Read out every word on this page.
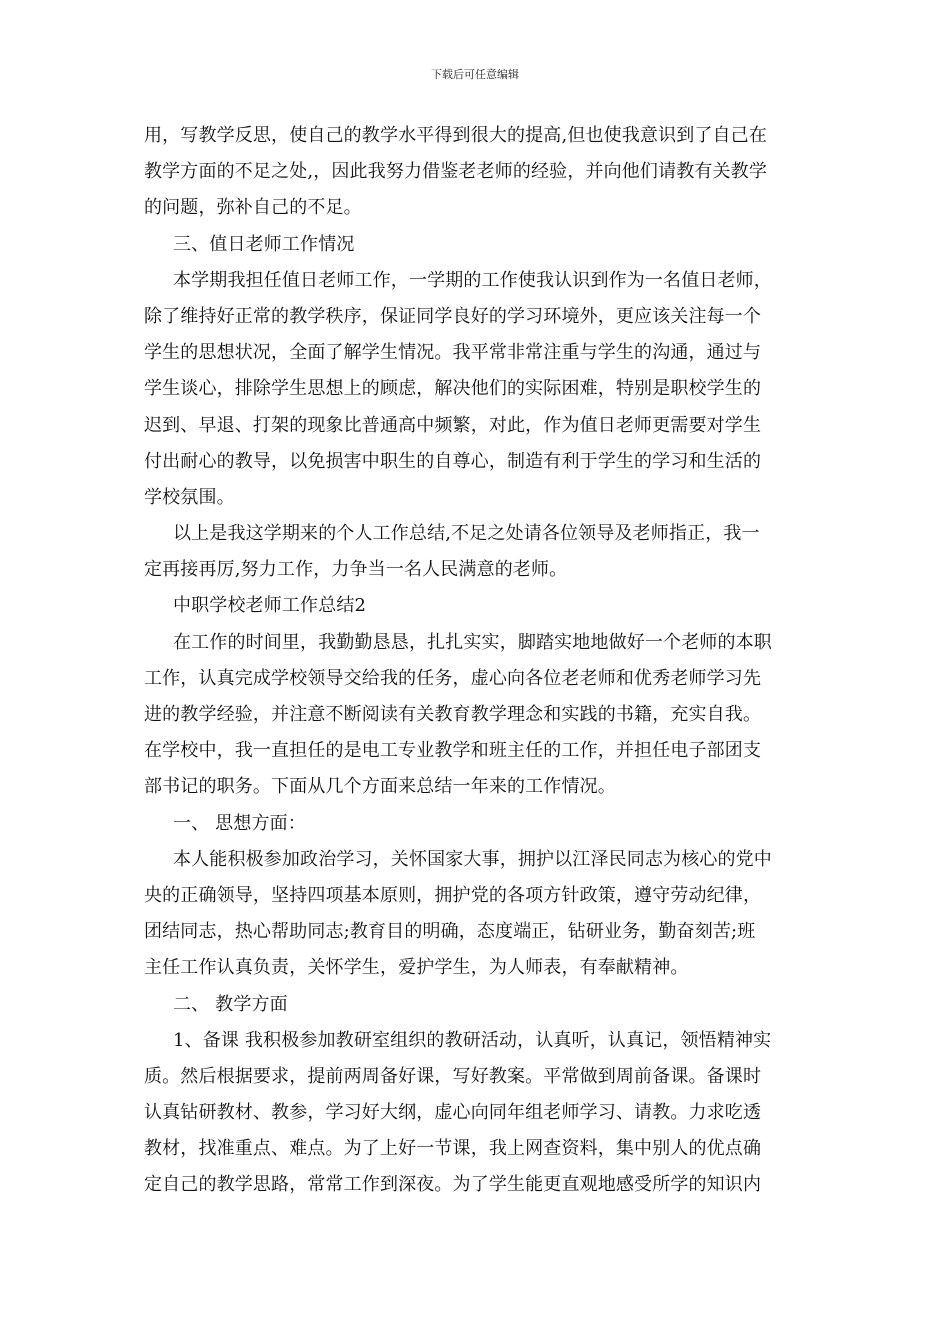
下载后可任意编辑
用，写教学反思，使自己的教学水平得到很大的提高,但也使我意识到了自己在
教学方面的不足之处,，因此我努力借鉴老老师的经验，并向他们请教有关教学
的问题，弥补自己的不足。
三、值日老师工作情况
本学期我担任值日老师工作，一学期的工作使我认识到作为一名值日老师，
除了维持好正常的教学秩序，保证同学良好的学习环境外，更应该关注每一个
学生的思想状况，全面了解学生情况。我平常非常注重与学生的沟通，通过与
学生谈心，排除学生思想上的顾虑，解决他们的实际困难，特别是职校学生的
迟到、早退、打架的现象比普通高中频繁，对此，作为值日老师更需要对学生
付出耐心的教导，以免损害中职生的自尊心，制造有利于学生的学习和生活的
学校氛围。
以上是我这学期来的个人工作总结,不足之处请各位领导及老师指正，我一
定再接再厉,努力工作，力争当一名人民满意的老师。
中职学校老师工作总结2
在工作的时间里，我勤勤恳恳，扎扎实实，脚踏实地地做好一个老师的本职
工作，认真完成学校领导交给我的任务，虚心向各位老老师和优秀老师学习先
进的教学经验，并注意不断阅读有关教育教学理念和实践的书籍，充实自我。
在学校中，我一直担任的是电工专业教学和班主任的工作，并担任电子部团支
部书记的职务。下面从几个方面来总结一年来的工作情况。
一、 思想方面：
本人能积极参加政治学习，关怀国家大事，拥护以江泽民同志为核心的党中
央的正确领导，坚持四项基本原则，拥护党的各项方针政策，遵守劳动纪律，
团结同志，热心帮助同志;教育目的明确，态度端正，钻研业务，勤奋刻苦;班
主任工作认真负责，关怀学生，爱护学生，为人师表，有奉献精神。
二、 教学方面
1、备课 我积极参加教研室组织的教研活动，认真听，认真记，领悟精神实
质。然后根据要求，提前两周备好课，写好教案。平常做到周前备课。备课时
认真钻研教材、教参，学习好大纲，虚心向同年组老师学习、请教。力求吃透
教材，找准重点、难点。为了上好一节课，我上网查资料，集中别人的优点确
定自己的教学思路，常常工作到深夜。为了学生能更直观地感受所学的知识内
